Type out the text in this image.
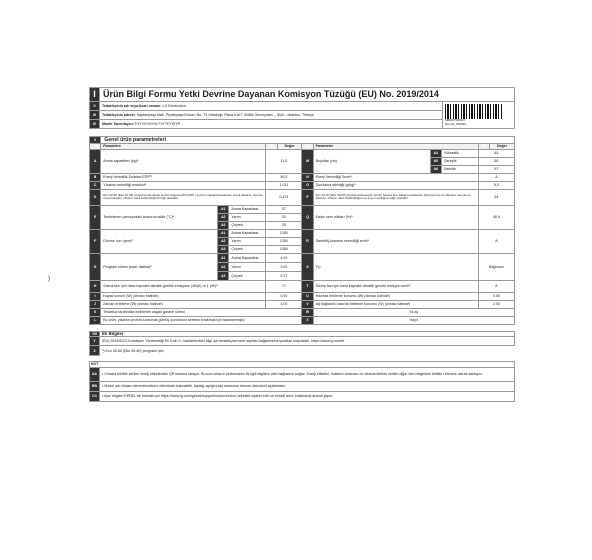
)
I	Ürün Bilgi Formu Yetki Devrine Dayanan Komisyon Tüzüğü (EU) No. 2019/2014	
II	Tedarikçinin adı veya ticari unvanı: LG Electronics	MBM67506527
Rev.00_040623

III	Tedarikçinin adresi: Kaptanpaşa Mah. Piyalepaşa Bulvarı No. 73 Ortadoğu Plaza Kat:7 34384 Okmeydanı – Şişli – İstanbul, Türkiye	
IV	Model Tanımlayıcı: F4Y7EYWYW F4Y7EYWYP	
V	Genel ürün parametreleri										
VI	Parametre			VII	Değer	VI	Parametre			VII	Değer
A	Anma kapasitesi (kg)ᵃ			11,0		M	Boyutlar (cm)	A4	Yükseklik	85	
								A5	Genişlik	60	
								A6	Derinlik	57	
B	Enerji Verimlilik Endeksi EEIᵂᵃ			46,5		N	Enerji Verimliliği Sınıfıᵃ			A	
C	Yıkama verimliliği endeksiᵃ			1,031		O	Durulama etkinliği (g/kg)ᵃ			5,0	
D	Eco 40-60 (Eko 40-60) programında dayalı çevrim başına kWh (kWh / çevrim) olarak hesaplanan enerji tüketimi. Gerçek enerji tüketimi, cihazın nasıl kullanıldığına bağlı olacaktır.			0,474		P	Eco 40-60 (Eko 40-60) programında dayalı çevrim başına litre olarak hesaplanan (litre/çevrim) su tüketimi. Gerçek su tüketimi, cihazın nasıl kullanıldığına ve suyun sertliğine bağlı olacaktır.			54	
E	Temizlenen çamaşırdaki azami sıcaklık (°C)ᵃ	A1	Anma Kapasitesi	37		Q	Kalan nem miktarı (%)ᵃ			48,9	
		A2	Yarım	30							
		A3	Çeyrek	25							
F	Dönme hızı (rpm)ᵃ	A1	Anma Kapasitesi	1350		R	Santrifüj-kurutma verimliliği sınıfıᵃ			A	
		A2	Yarım	1350							
		A3	Çeyrek	1350							
G	Program süresi (saat: dakika)ᵃ	A1	Anma Kapasitesi	4:00		S	Tip			Bağımsız	
		A2	Yarım	3:00							
		A3	Çeyrek	2:37							
H	Sıkma fazı için hava kaynaklı akustik gürültü emisyonu (dB(A) re 1 pW)ᵃ			71		T	Sıkma fazı için hava kaynaklı akustik gürültü emisyon sınıfıᵃ			A	
I	Kapalı konum (W) (olması halinde)			0,50		U	Hazırda bekleme konumu (W) (olması halinde)			0,50	
J	Zaman erteleme (W) (olması halinde)			4,00		V	Ağ bağlantılı hazırda bekleme konumu (W) (olması halinde)			2,00	
K	Tedarikçi tarafından belirlenen asgari garanti süresi					W	24 ay				
L	Bu ürün, yıkama çevrimi sırasında gümüş iyonlarının serbest bırakmak için tasarlanmıştır.					X	Hayır				
VIII	Ek Bilgiler
Y	(EU) 2019/2023 Komisyon Yönetmeliği Ek II'nin 9. maddesindeki bilgi için tedarikçinin web sayfası bağlantısına şuradan ulaşılabilir: https://www.lg.com/tr
Z	ᵃ) Eco 40-60 (Eko 40-60) programı için.
NOT	
AA	• Cihazla birlikte verilen enerji etiketindeki QR koduna tarayın. Bu kod cihazın performansı ile ilgili bilgilere web bağlantısı sağlar. Enerji etiketini, kullanım kılavuzu ve cihazla birlikte verilen diğer tüm belgelerle birlikte referans olarak saklayın.
BB	• Model adı cihazın derecelendirme etiketinde bulunabilir, kapağı açtığınızda tamburun hemen önündeki açıklıktadır.
CC	• Aynı bilgileri EPREL'de bulmak için https://www.lg.com/global/support/cedoc/cedoc/ adresini ziyaret edin ve model adını kullanarak arama yapın.
